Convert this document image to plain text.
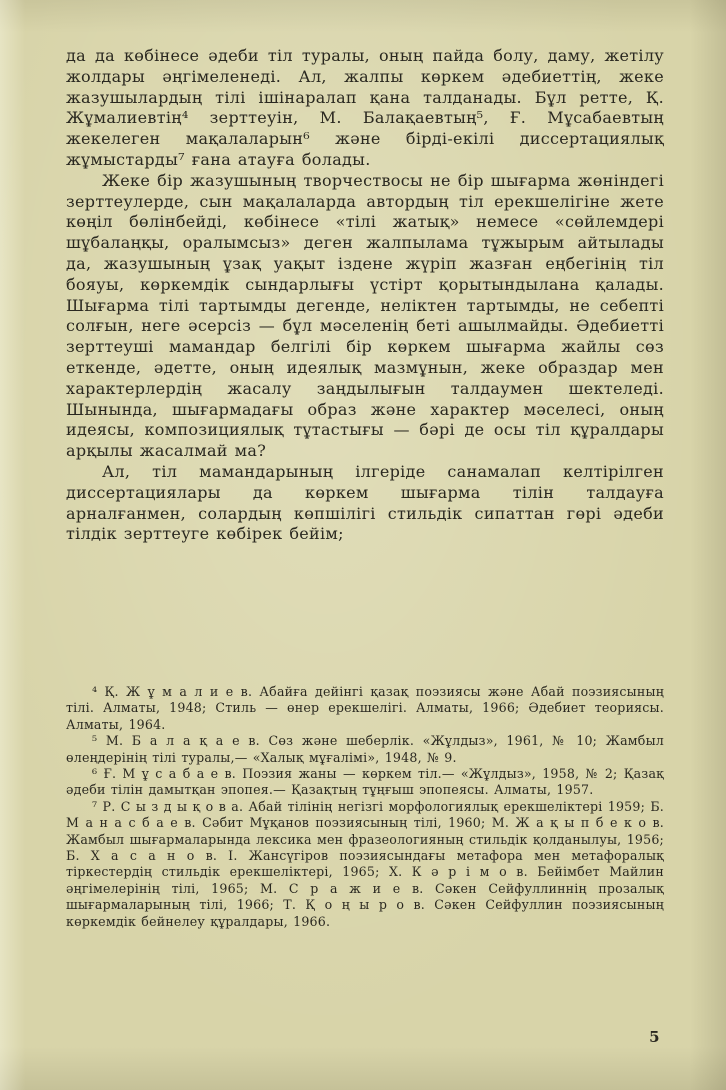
да да көбінесе әдеби тіл туралы, оның пайда болу, даму, жетілу жолдары әңгімеленеді. Ал, жалпы көркем әдебиеттің, жеке жазушылардың тілі ішінаралап қана талданады. Бұл ретте, Қ. Жұмалиевтің⁴ зерттеуін, М. Балақаевтың⁵, Ғ. Мұсабаевтың жекелеген мақалаларын⁶ және бірді-екілі диссертациялық жұмыстарды⁷ ғана атауға болады.

Жеке бір жазушының творчествосы не бір шығарма жөніндегі зерттеулерде, сын мақалаларда автордың тіл ерекшелігіне жете көңіл бөлінбейді, көбінесе «тілі жатық» немесе «сөйлемдері шұбалаңқы, оралымсыз» деген жалпылама тұжырым айтылады да, жазушының ұзақ уақыт іздене жүріп жазған еңбегінің тіл бояуы, көркемдік сындарлығы үстірт қорытындылана қалады. Шығарма тілі тартымды дегенде, неліктен тартымды, не себепті солғын, неге әсерсіз — бұл мәселенің беті ашылмайды. Әдебиетті зерттеуші мамандар белгілі бір көркем шығарма жайлы сөз еткенде, әдетте, оның идеялық мазмұнын, жеке образдар мен характерлердің жасалу заңдылығын талдаумен шектеледі. Шынында, шығармадағы образ және характер мәселесі, оның идеясы, композициялық тұтастығы — бәрі де осы тіл құралдары арқылы жасалмай ма?

Ал, тіл мамандарының ілгеріде санамалап келтірілген диссертациялары да көркем шығарма тілін талдауға арналғанмен, солардың көпшілігі стильдік сипаттан гөрі әдеби тілдік зерттеуге көбірек бейім;

⁴ Қ. Ж ұ м а л и е в. Абайға дейінгі қазақ поэзиясы және Абай поэзиясының тілі. Алматы, 1948; Стиль — өнер ерекшелігі. Алматы, 1966; Әдебиет теориясы. Алматы, 1964.

⁵ М. Б а л а қ а е в. Сөз және шеберлік. «Жұлдыз», 1961, № 10; Жамбыл өлеңдерінің тілі туралы,— «Халық мұғалімі», 1948, № 9.

⁶ Ғ. М ұ с а б а е в. Поэзия жаны — көркем тіл.— «Жұлдыз», 1958, № 2; Қазақ әдеби тілін дамытқан эпопея.— Қазақтың тұңғыш эпопеясы. Алматы, 1957.

⁷ Р. С ы з д ы қ о в а. Абай тілінің негізгі морфологиялық ерекшеліктері 1959; Б. М а н а с б а е в. Сәбит Мұқанов поэзиясының тілі, 1960; М. Ж а қ ы п б е к о в. Жамбыл шығармаларында лексика мен фразеологияның стильдік қолданылуы, 1956; Б. Х а с а н о в. І. Жансүгіров поэзиясындағы метафора мен метафоралық тіркестердің стильдік ерекшеліктері, 1965; Х. К ә р і м о в. Бейімбет Майлин әңгімелерінің тілі, 1965; М. С р а ж и е в. Сәкен Сейфуллиннің прозалық шығармаларының тілі, 1966; Т. Қ о ң ы р о в. Сәкен Сейфуллин поэзиясының көркемдік бейнелеу құралдары, 1966.

5
